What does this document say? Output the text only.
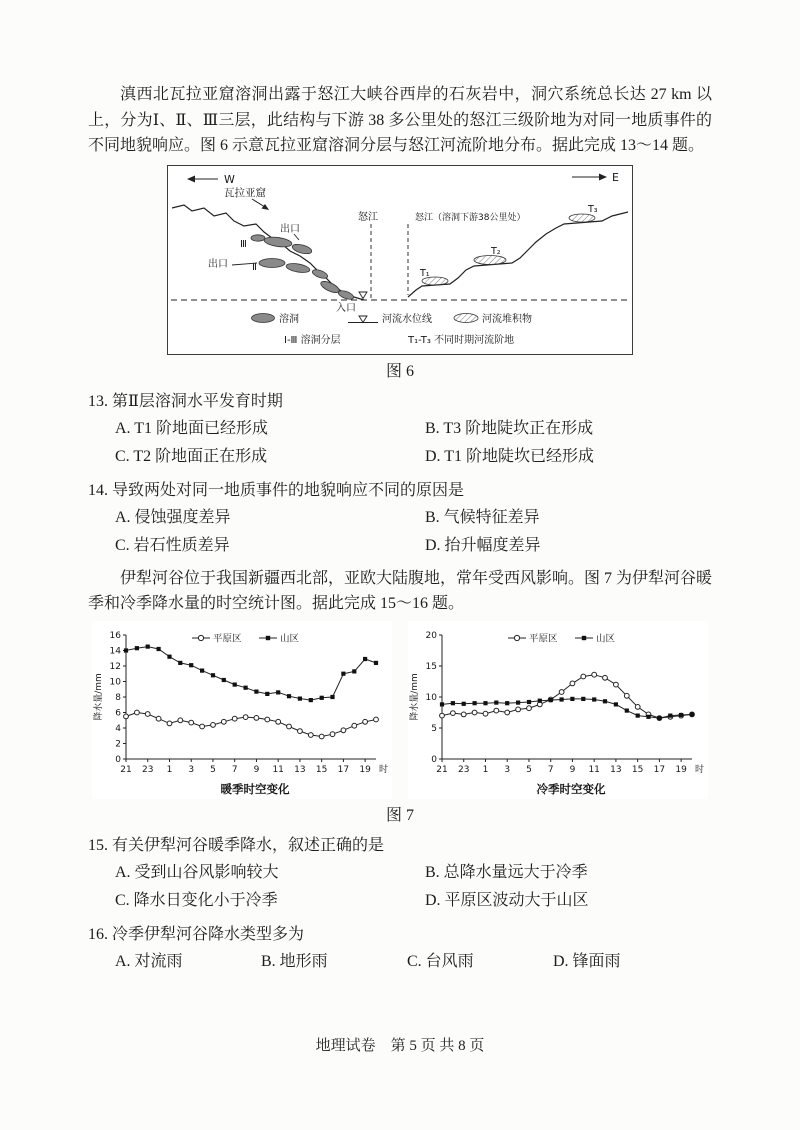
滇西北瓦拉亚窟溶洞出露于怒江大峡谷西岸的石灰岩中，洞穴系统总长达 27 km 以上，分为Ⅰ、Ⅱ、Ⅲ三层，此结构与下游 38 多公里处的怒江三级阶地为对同一地质事件的不同地貌响应。图 6 示意瓦拉亚窟溶洞分层与怒江河流阶地分布。据此完成 13～14 题。

W	E
瓦拉亚窟
Ⅲ
Ⅱ
出口
出口
入口
怒江	怒江（溶洞下游38公里处）
T₁
T₂
T₃
溶洞	河流水位线	河流堆积物
Ⅰ-Ⅲ 溶洞分层	T₁-T₃ 不同时期河流阶地
图 6
13. 第Ⅱ层溶洞水平发育时期
A. T1 阶地面已经形成	B. T3 阶地陡坎正在形成
C. T2 阶地面正在形成	D. T1 阶地陡坎已经形成
14. 导致两处对同一地质事件的地貌响应不同的原因是
A. 侵蚀强度差异	B. 气候特征差异
C. 岩石性质差异	D. 抬升幅度差异

伊犁河谷位于我国新疆西北部，亚欧大陆腹地，常年受西风影响。图 7 为伊犁河谷暖季和冷季降水量的时空统计图。据此完成 15～16 题。

0
2
4
6
8
10
12
14
16
21 23 1 3 5 7 9 11 13 15 17 19 时
降水量/mm
平原区	山区
暖季时空变化
0
5
10
15
20
21 23 1 3 5 7 9 11 13 15 17 19 时
降水量/mm
平原区	山区
冷季时空变化
图 7
15. 有关伊犁河谷暖季降水，叙述正确的是
A. 受到山谷风影响较大	B. 总降水量远大于冷季
C. 降水日变化小于冷季	D. 平原区波动大于山区
16. 冷季伊犁河谷降水类型多为
A. 对流雨	B. 地形雨	C. 台风雨	D. 锋面雨
地理试卷　第 5 页 共 8 页
